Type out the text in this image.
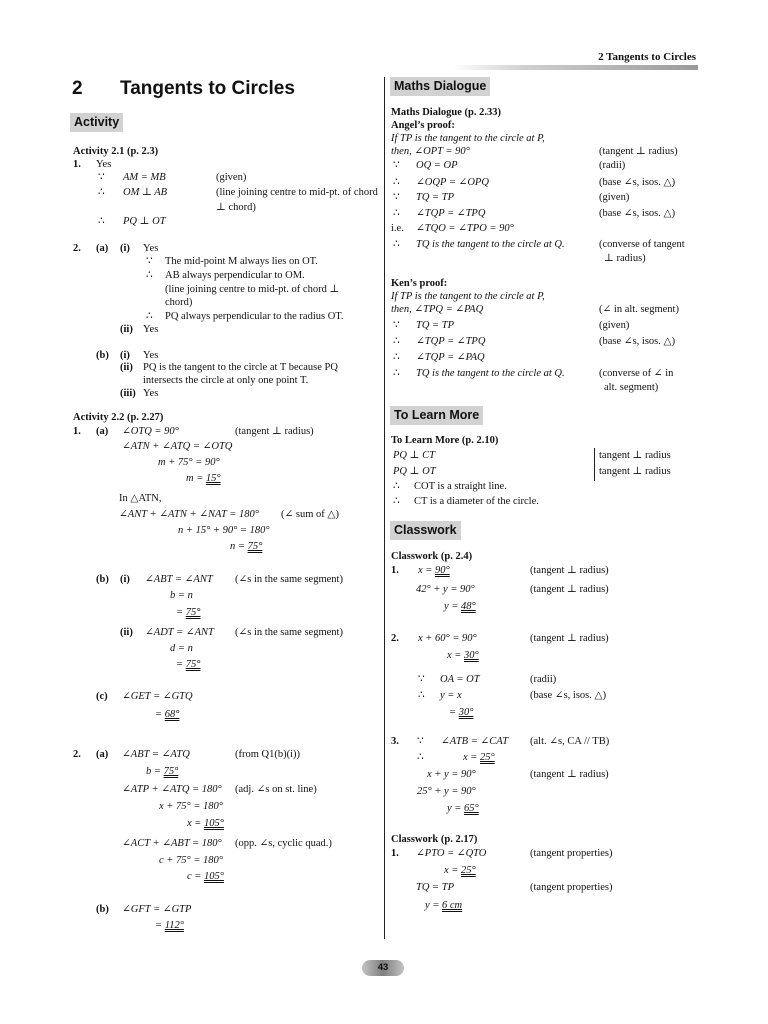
2 Tangents to Circles
2 Tangents to Circles
Activity
Activity 2.1 (p. 2.3)
1. Yes
∵ AM = MB	(given)
∴ OM ⊥ AB	(line joining centre to mid-pt. of chord
⊥ chord)
∴ PQ ⊥ OT
2. (a) (i) Yes
∵ The mid-point M always lies on OT.
∴ AB always perpendicular to OM.
(line joining centre to mid-pt. of chord ⊥
chord)
∴ PQ always perpendicular to the radius OT.
(ii) Yes
(b) (i) Yes
(ii) PQ is the tangent to the circle at T because PQ
intersects the circle at only one point T.
(iii) Yes
Activity 2.2 (p. 2.27)
1. (a) ∠OTQ = 90°	(tangent ⊥ radius)
∠ATN + ∠ATQ = ∠OTQ
m + 75° = 90°
m = 15°
In △ATN,
∠ANT + ∠ATN + ∠NAT = 180° (∠ sum of △)
n + 15° + 90° = 180°
n = 75°
(b) (i) ∠ABT = ∠ANT (∠s in the same segment)
b = n
= 75°
(ii) ∠ADT = ∠ANT (∠s in the same segment)
d = n
= 75°
(c) ∠GET = ∠GTQ
= 68°
2. (a) ∠ABT = ∠ATQ	(from Q1(b)(i))
b = 75°
∠ATP + ∠ATQ = 180° (adj. ∠s on st. line)
x + 75° = 180°
x = 105°
∠ACT + ∠ABT = 180° (opp. ∠s, cyclic quad.)
c + 75° = 180°
c = 105°
(b) ∠GFT = ∠GTP
= 112°
Maths Dialogue
Maths Dialogue (p. 2.33)
Angel’s proof:
If TP is the tangent to the circle at P,
then, ∠OPT = 90°	(tangent ⊥ radius)
∵ OQ = OP	(radii)
∴ ∠OQP = ∠OPQ	(base ∠s, isos. △)
∵ TQ = TP	(given)
∴ ∠TQP = ∠TPQ	(base ∠s, isos. △)
i.e. ∠TQO = ∠TPO = 90°
∴ TQ is the tangent to the circle at Q.	(converse of tangent
⊥ radius)
Ken’s proof:
If TP is the tangent to the circle at P,
then, ∠TPQ = ∠PAQ	(∠ in alt. segment)
∵ TQ = TP	(given)
∴ ∠TQP = ∠TPQ	(base ∠s, isos. △)
∴ ∠TQP = ∠PAQ
∴ TQ is the tangent to the circle at Q.	(converse of ∠ in
alt. segment)
To Learn More
To Learn More (p. 2.10)
PQ ⊥ CT	tangent ⊥ radius
PQ ⊥ OT	tangent ⊥ radius
∴ COT is a straight line.
∴ CT is a diameter of the circle.
Classwork
Classwork (p. 2.4)
1. x = 90°	(tangent ⊥ radius)
42° + y = 90°	(tangent ⊥ radius)
y = 48°
2. x + 60° = 90°	(tangent ⊥ radius)
x = 30°
∵ OA = OT	(radii)
∴ y = x	(base ∠s, isos. △)
= 30°
3. ∵ ∠ATB = ∠CAT (alt. ∠s, CA // TB)
∴	x = 25°
x + y = 90°	(tangent ⊥ radius)
25° + y = 90°
y = 65°
Classwork (p. 2.17)
1. ∠PTO = ∠QTO	(tangent properties)
x = 25°
TQ = TP	(tangent properties)
y = 6 cm
43
